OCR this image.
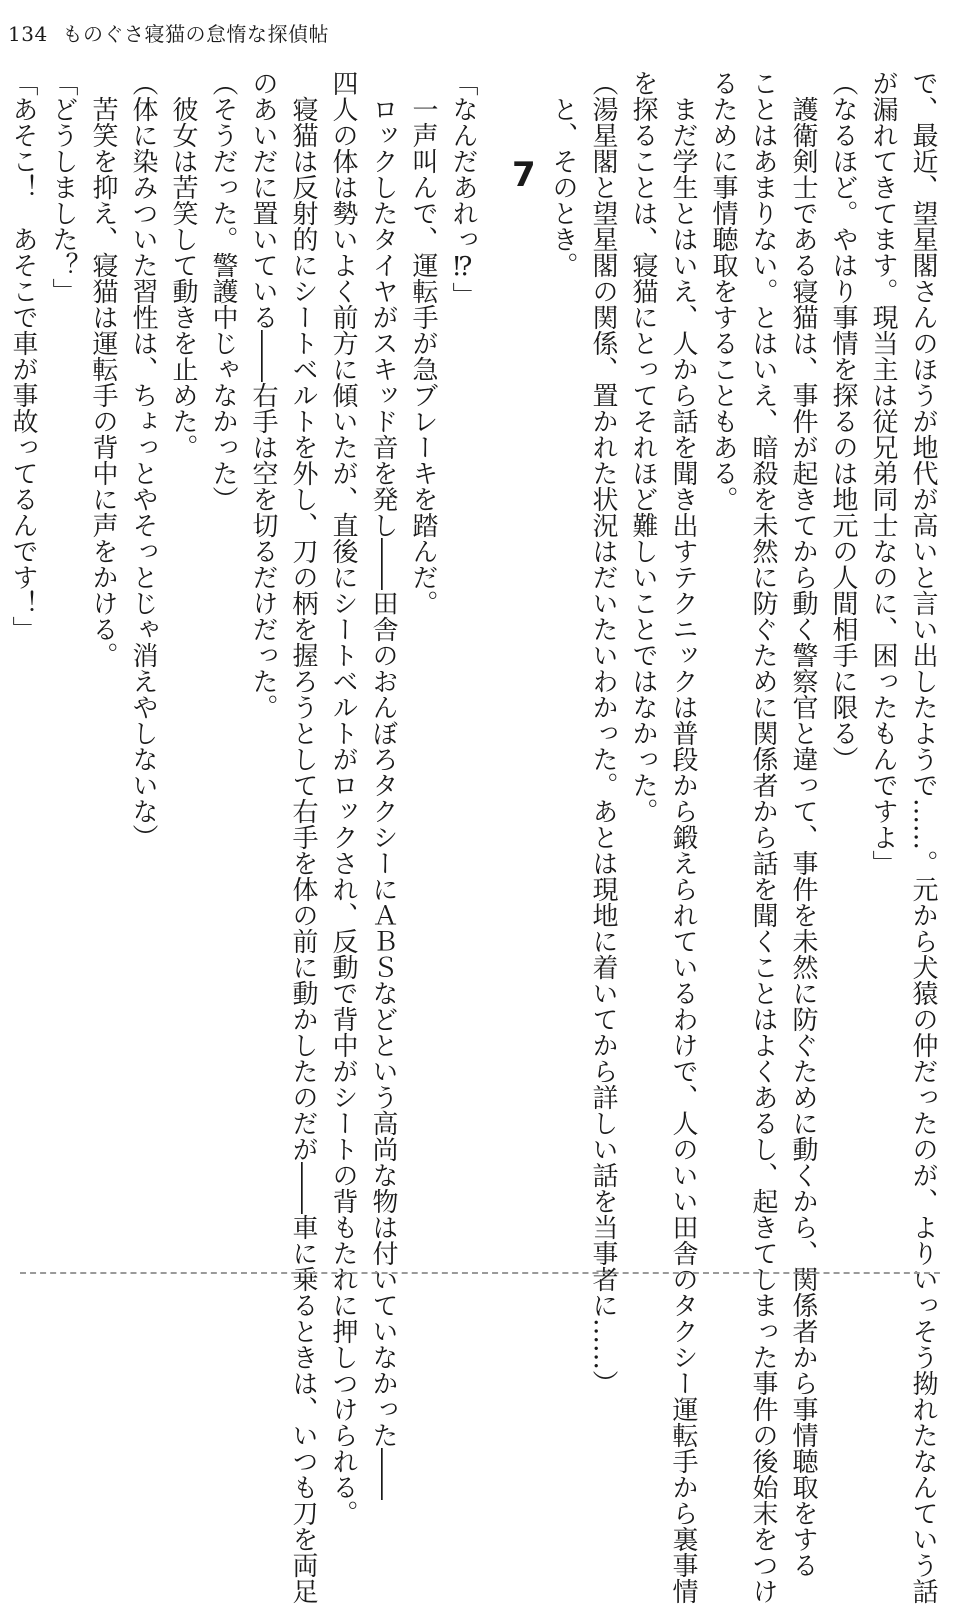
134 ものぐさ寝猫の怠惰な探偵帖
で、最近、望星閣さんのほうが地代が高いと言い出したようで……。元から犬猿の仲だったのが、よりいっそう拗れたなんていう話
が漏れてきてます。現当主は従兄弟同士なのに、困ったもんですよ」
（なるほど。やはり事情を探るのは地元の人間相手に限る）
　護衛剣士である寝猫は、事件が起きてから動く警察官と違って、事件を未然に防ぐために動くから、関係者から事情聴取をする
ことはあまりない。とはいえ、暗殺を未然に防ぐために関係者から話を聞くことはよくあるし、起きてしまった事件の後始末をつけ
るために事情聴取をすることもある。
　まだ学生とはいえ、人から話を聞き出すテクニックは普段から鍛えられているわけで、人のいい田舎のタクシー運転手から裏事情
を探ることは、寝猫にとってそれほど難しいことではなかった。
（湯星閣と望星閣の関係、置かれた状況はだいたいわかった。あとは現地に着いてから詳しい話を当事者に……）
　と、そのとき。
7
「なんだあれっ⁉」
　一声叫んで、運転手が急ブレーキを踏んだ。
　ロックしたタイヤがスキッド音を発し――田舎のおんぼろタクシーにＡＢＳなどという高尚な物は付いていなかった――
四人の体は勢いよく前方に傾いたが、直後にシートベルトがロックされ、反動で背中がシートの背もたれに押しつけられる。
　寝猫は反射的にシートベルトを外し、刀の柄を握ろうとして右手を体の前に動かしたのだが――車に乗るときは、いつも刀を両足
のあいだに置いている――右手は空を切るだけだった。
（そうだった。警護中じゃなかった）
　彼女は苦笑して動きを止めた。
（体に染みついた習性は、ちょっとやそっとじゃ消えやしないな）
　苦笑を抑え、寝猫は運転手の背中に声をかける。
「どうしました？」
「あそこ！　あそこで車が事故ってるんです！」
